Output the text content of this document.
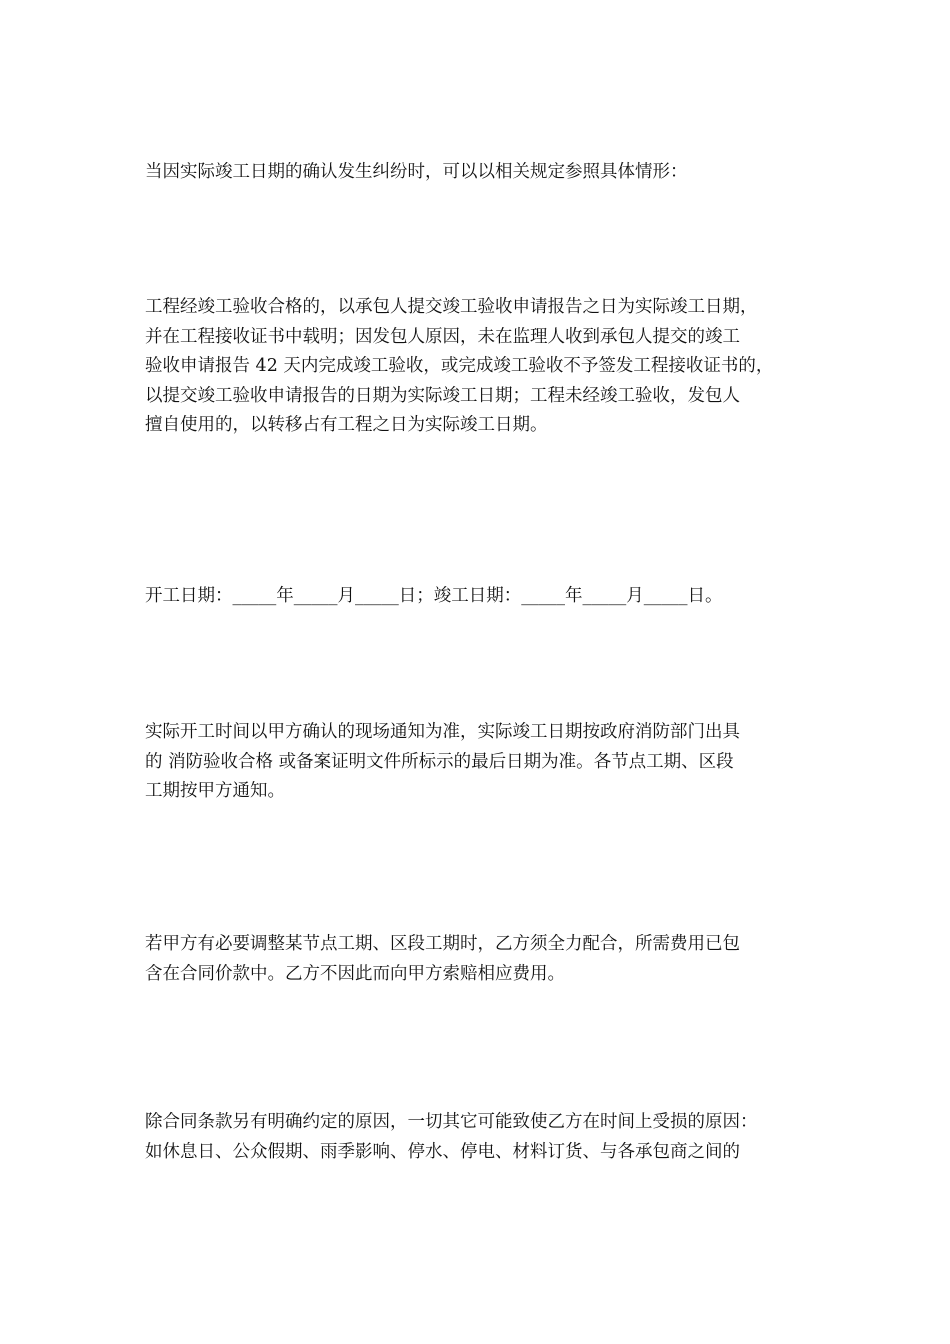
当因实际竣工日期的确认发生纠纷时，可以以相关规定参照具体情形：
工程经竣工验收合格的，以承包人提交竣工验收申请报告之日为实际竣工日期，
并在工程接收证书中载明；因发包人原因，未在监理人收到承包人提交的竣工
验收申请报告 42 天内完成竣工验收，或完成竣工验收不予签发工程接收证书的，
以提交竣工验收申请报告的日期为实际竣工日期；工程未经竣工验收，发包人
擅自使用的，以转移占有工程之日为实际竣工日期。
开工日期：_____年_____月_____日；竣工日期：_____年_____月_____日。
实际开工时间以甲方确认的现场通知为准，实际竣工日期按政府消防部门出具
的 消防验收合格 或备案证明文件所标示的最后日期为准。各节点工期、区段
工期按甲方通知。
若甲方有必要调整某节点工期、区段工期时，乙方须全力配合，所需费用已包
含在合同价款中。乙方不因此而向甲方索赔相应费用。
除合同条款另有明确约定的原因，一切其它可能致使乙方在时间上受损的原因：
如休息日、公众假期、雨季影响、停水、停电、材料订货、与各承包商之间的
